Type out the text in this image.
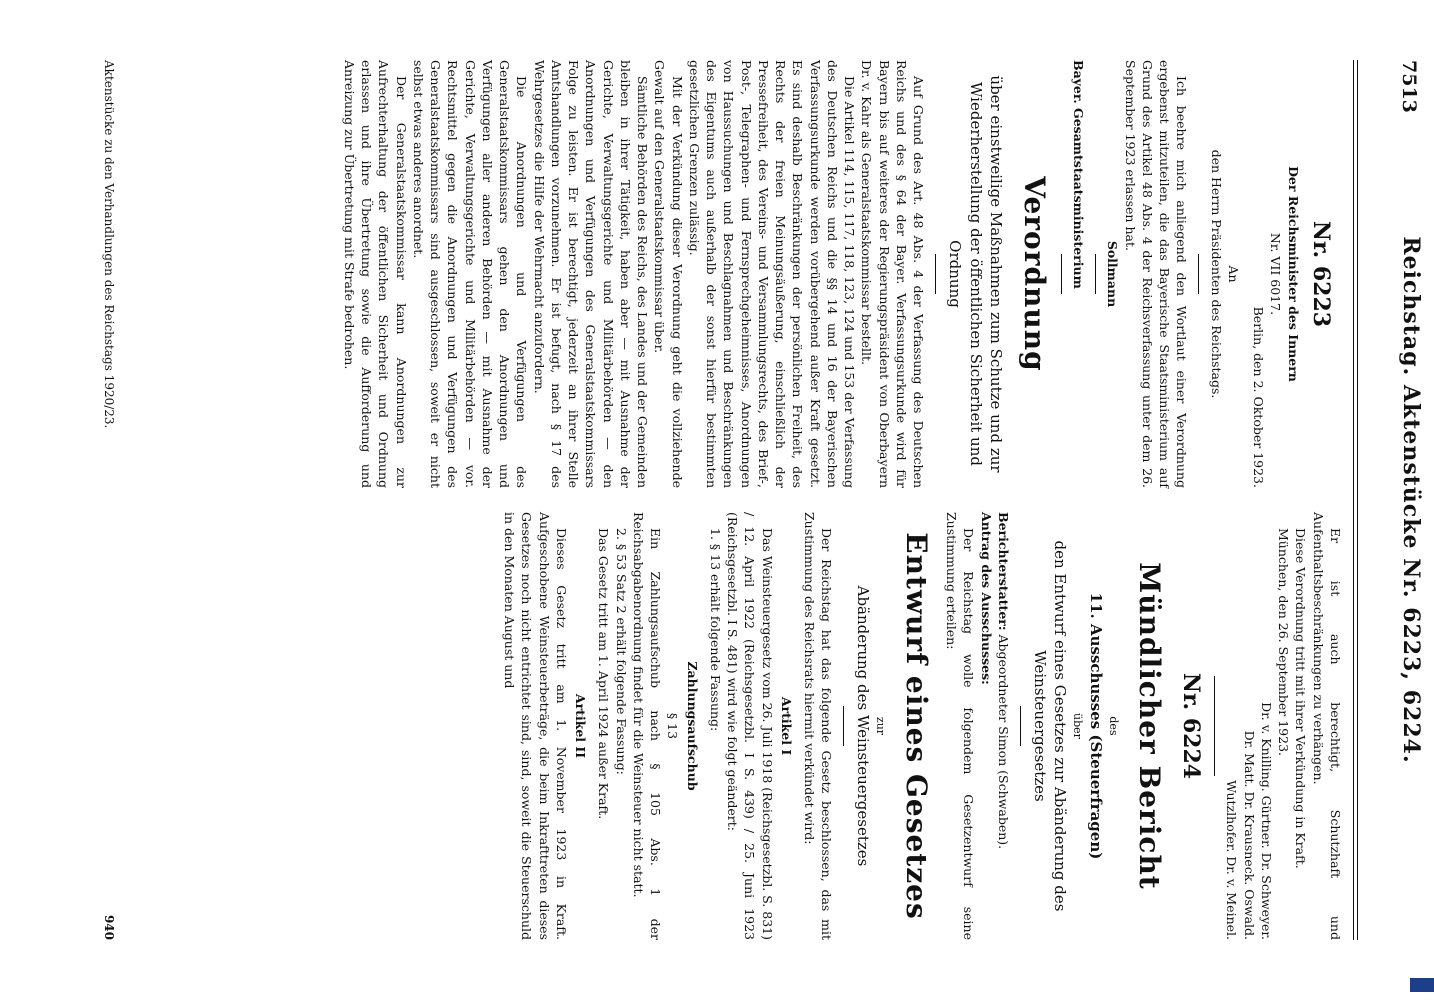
7513
Reichstag. Aktenstücke Nr. 6223, 6224.

Nr. 6223

Der Reichsminister des Innern

Nr. VII 6017.

Berlin, den 2. Oktober 1923.

An

den Herrn Präsidenten des Reichstags.

Ich beehre mich anliegend den Wortlaut einer Verordnung ergebenst mitzuteilen, die das Bayerische Staatsministerium auf Grund des Artikel 48 Abs. 4 der Reichsverfassung unter dem 26. September 1923 erlassen hat.

Sollmann

Bayer. Gesamtstaatsministerium

Verordnung

über einstweilige Maßnahmen zum Schutze und zur Wiederherstellung der öffentlichen Sicherheit und Ordnung

Auf Grund des Art. 48 Abs. 4 der Verfassung des Deutschen Reichs und des § 64 der Bayer. Verfassungsurkunde wird für Bayern bis auf weiteres der Regierungspräsident von Oberbayern Dr. v. Kahr als Generalstaatskommissar bestellt.

Die Artikel 114, 115, 117, 118, 123, 124 und 153 der Verfassung des Deutschen Reichs und die §§ 14 und 16 der Bayerischen Verfassungsurkunde werden vorübergehend außer Kraft gesetzt. Es sind deshalb Beschränkungen der persönlichen Freiheit, des Rechts der freien Meinungsäußerung, einschließlich der Pressefreiheit, des Vereins- und Versammlungsrechts, des Brief-, Post-, Telegraphen- und Fernsprechgeheimnisses, Anordnungen von Haussuchungen und Beschlagnahmen und Beschränkungen des Eigentums auch außerhalb der sonst hierfür bestimmten gesetzlichen Grenzen zulässig.

Mit der Verkündung dieser Verordnung geht die vollziehende Gewalt auf den Generalstaatskommissar über.

Sämtliche Behörden des Reichs, des Landes und der Gemeinden bleiben in ihrer Tätigkeit, haben aber — mit Ausnahme der Gerichte, Verwaltungsgerichte und Militärbehörden — den Anordnungen und Verfügungen des Generalstaatskommissars Folge zu leisten. Er ist berechtigt, jederzeit an ihrer Stelle Amtshandlungen vorzunehmen. Er ist befugt, nach § 17 des Wehrgesetzes die Hilfe der Wehrmacht anzufordern.

Die Anordnungen und Verfügungen des Generalstaatskommissars gehen den Anordnungen und Verfügungen aller anderen Behörden — mit Ausnahme der Gerichte, Verwaltungsgerichte und Militärbehörden — vor. Rechtsmittel gegen die Anordnungen und Verfügungen des Generalstaatskommissars sind ausgeschlossen, soweit er nicht selbst etwas anderes anordnet.

Der Generalstaatskommissar kann Anordnungen zur Aufrechterhaltung der öffentlichen Sicherheit und Ordnung erlassen und ihre Übertretung sowie die Aufforderung und Anreizung zur Übertretung mit Strafe bedrohen.

Er ist auch berechtigt, Schutzhaft und Aufenthaltsbeschränkungen zu verhängen.

Diese Verordnung tritt mit ihrer Verkündung in Kraft.

München, den 26. September 1923.

Dr. v. Knilling. Gürtner. Dr. Schweyer.

Dr. Matt. Dr. Krausneck. Oswald.

Wutzlhofer. Dr. v. Meinel.

Nr. 6224

Mündlicher Bericht

des

11. Ausschusses (Steuerfragen)

über

den Entwurf eines Gesetzes zur Abänderung des Weinsteuergesetzes

Berichterstatter: Abgeordneter Simon (Schwaben).

Antrag des Ausschusses:

Der Reichstag wolle folgendem Gesetzentwurf seine Zustimmung erteilen:

Entwurf eines Gesetzes

zur

Abänderung des Weinsteuergesetzes

Der Reichstag hat das folgende Gesetz beschlossen, das mit Zustimmung des Reichsrats hiermit verkündet wird:

Artikel I

Das Weinsteuergesetz vom 26. Juli 1918 (Reichsgesetzbl. S. 831) / 12. April 1922 (Reichsgesetzbl. I S. 439) / 25. Juni 1923 (Reichsgesetzbl. I S. 481) wird wie folgt geändert:

1. § 13 erhält folgende Fassung:

Zahlungsaufschub

§ 13

Ein Zahlungsaufschub nach § 105 Abs. 1 der Reichsabgabenordnung findet für die Weinsteuer nicht statt.

2. § 53 Satz 2 erhält folgende Fassung:

Das Gesetz tritt am 1. April 1924 außer Kraft.

Artikel II

Dieses Gesetz tritt am 1. November 1923 in Kraft. Aufgeschobene Weinsteuerbeträge, die beim Inkrafttreten dieses Gesetzes noch nicht entrichtet sind, sind, soweit die Steuerschuld in den Monaten August und

Aktenstücke zu den Verhandlungen des Reichstags 1920/23.
940
